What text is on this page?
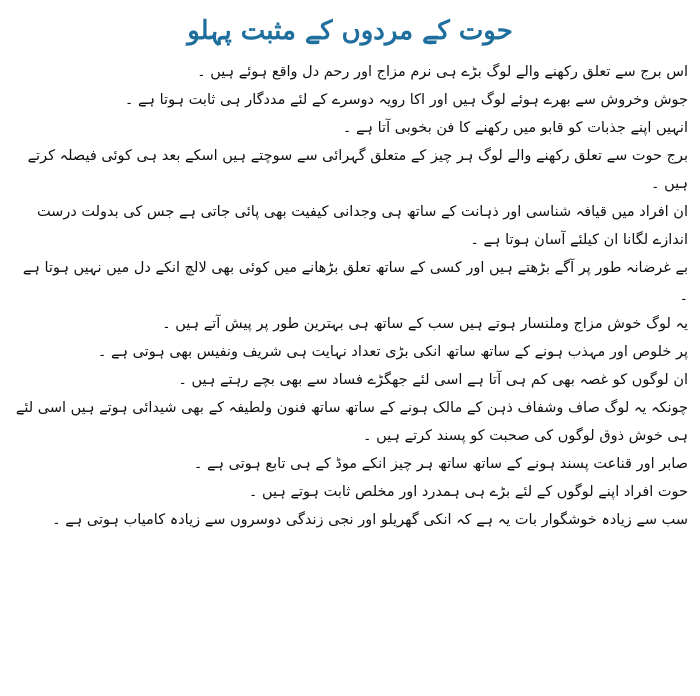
حوت کے مردوں کے مثبت پہلو

اس برج سے تعلق رکھنے والے لوگ بڑے ہی نرم مزاج اور رحم دل واقع ہوئے ہیں ۔

جوش وخروش سے بھرے ہوئے لوگ ہیں اور اکا رویہ دوسرے کے لئے مددگار ہی ثابت ہوتا ہے ۔

انہیں اپنے جذبات کو قابو میں رکھنے کا فن بخوبی آتا ہے ۔

برج حوت سے تعلق رکھنے والے لوگ ہر چیز کے متعلق گہرائی سے سوچتے ہیں اسکے بعد ہی کوئی فیصلہ کرتے ہیں ۔

ان افراد میں قیافہ شناسی اور ذہانت کے ساتھ ہی وجدانی کیفیت بھی پائی جاتی ہے جس کی بدولت درست اندازے لگانا ان کیلئے آسان ہوتا ہے ۔

بے غرضانہ طور پر آگے بڑھتے ہیں اور کسی کے ساتھ تعلق بڑھانے میں کوئی بھی لالچ انکے دل میں نہیں ہوتا ہے ۔

یہ لوگ خوش مزاج وملنسار ہوتے ہیں سب کے ساتھ ہی بہترین طور پر پیش آتے ہیں ۔

پر خلوص اور مہذب ہونے کے ساتھ ساتھ انکی بڑی تعداد نہایت ہی شریف ونفیس بھی ہوتی ہے ۔

ان لوگوں کو غصہ بھی کم ہی آتا ہے اسی لئے جھگڑے فساد سے بھی بچے رہتے ہیں ۔

چونکہ یہ لوگ صاف وشفاف ذہن کے مالک ہونے کے ساتھ ساتھ فنون ولطیفہ کے بھی شیدائی ہوتے ہیں اسی لئے ہی خوش ذوق لوگوں کی صحبت کو پسند کرتے ہیں ۔

صابر اور قناعت پسند ہونے کے ساتھ ساتھ ہر چیز انکے موڈ کے ہی تابع ہوتی ہے ۔

حوت افراد اپنے لوگوں کے لئے بڑے ہی ہمدرد اور مخلص ثابت ہوتے ہیں ۔

سب سے زیادہ خوشگوار بات یہ ہے کہ انکی گھریلو اور نجی زندگی دوسروں سے زیادہ کامیاب ہوتی ہے ۔
